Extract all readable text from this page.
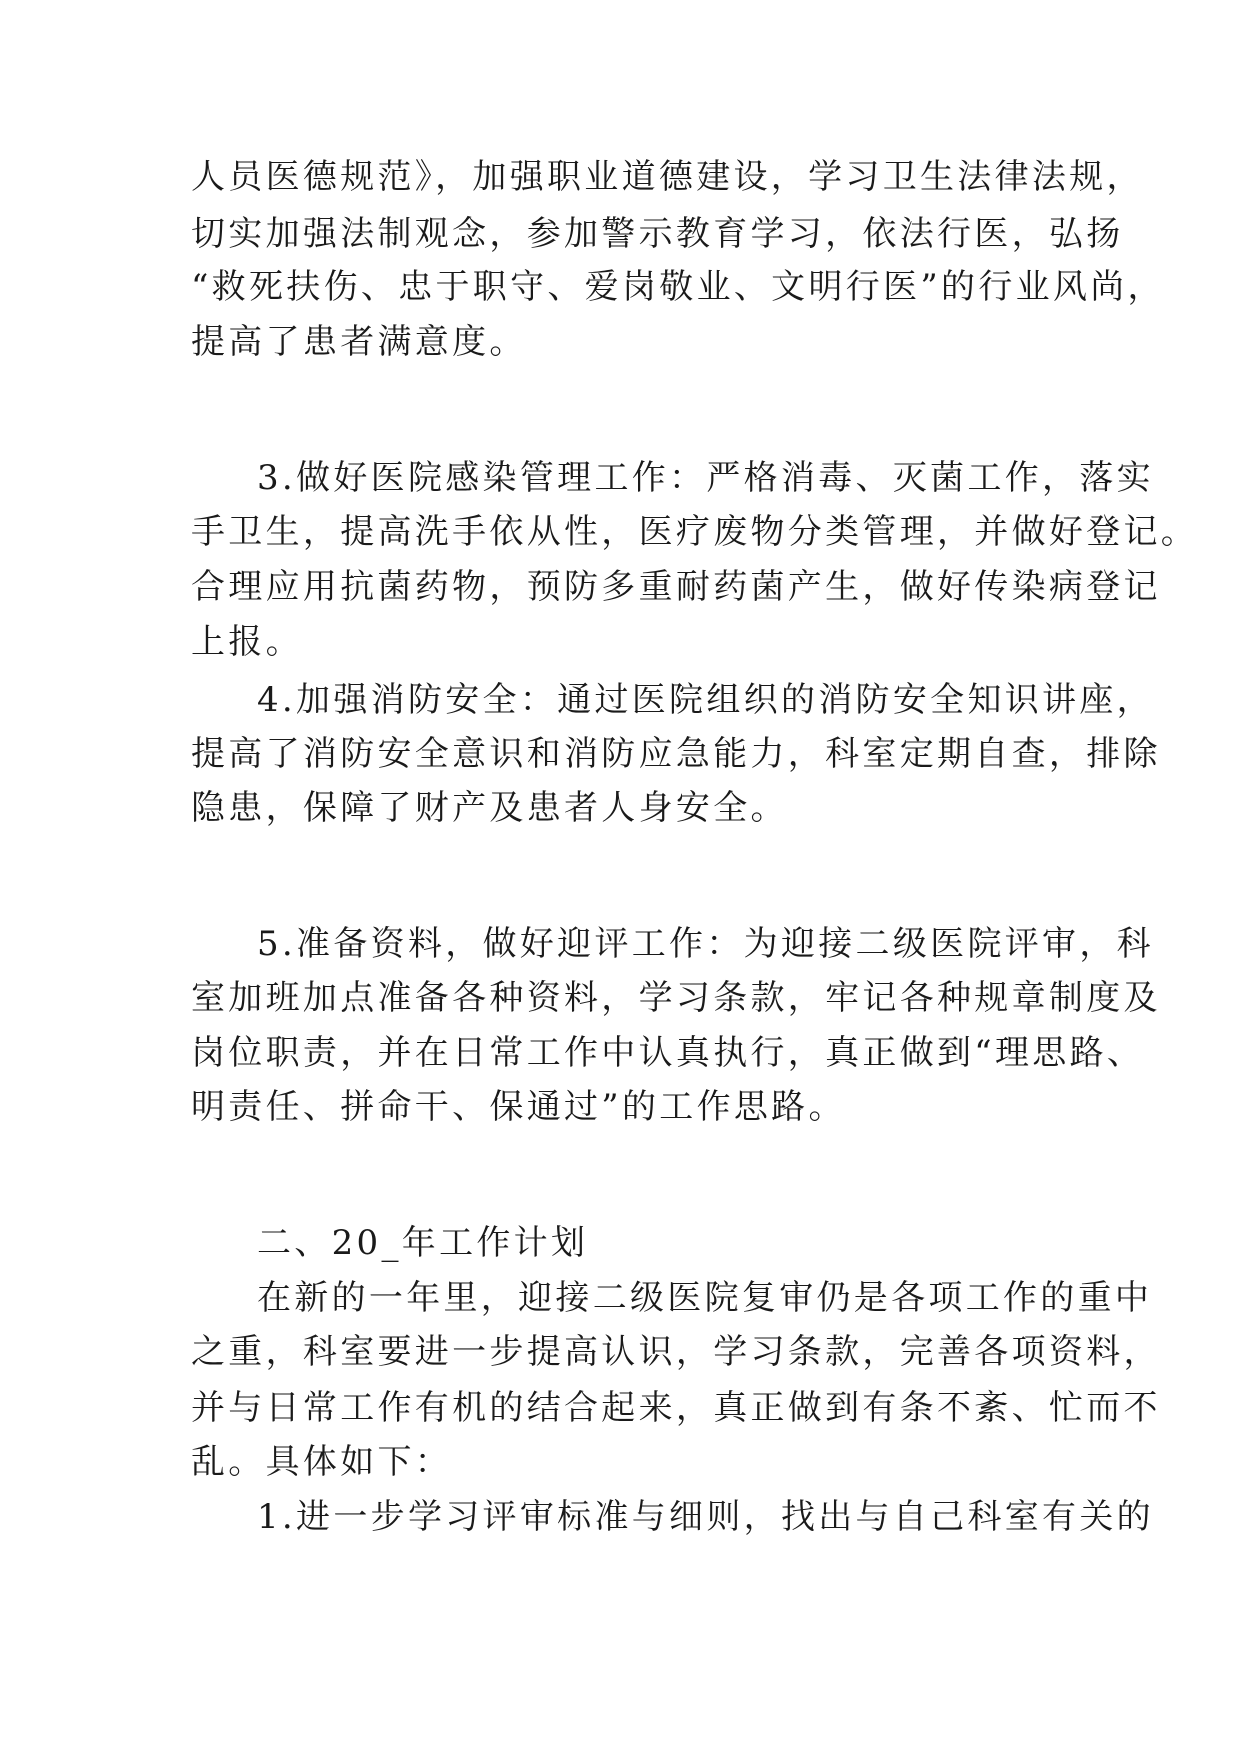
人员医德规范》，加强职业道德建设，学习卫生法律法规，
切实加强法制观念，参加警示教育学习，依法行医，弘扬
“救死扶伤、忠于职守、爱岗敬业、文明行医”的行业风尚，
提高了患者满意度。
3.做好医院感染管理工作：严格消毒、灭菌工作，落实
手卫生，提高洗手依从性，医疗废物分类管理，并做好登记。
合理应用抗菌药物，预防多重耐药菌产生，做好传染病登记
上报。
4.加强消防安全：通过医院组织的消防安全知识讲座，
提高了消防安全意识和消防应急能力，科室定期自查，排除
隐患，保障了财产及患者人身安全。
5.准备资料，做好迎评工作：为迎接二级医院评审，科
室加班加点准备各种资料，学习条款，牢记各种规章制度及
岗位职责，并在日常工作中认真执行，真正做到“理思路、
明责任、拼命干、保通过”的工作思路。
二、20_年工作计划
在新的一年里，迎接二级医院复审仍是各项工作的重中
之重，科室要进一步提高认识，学习条款，完善各项资料，
并与日常工作有机的结合起来，真正做到有条不紊、忙而不
乱。具体如下：
1.进一步学习评审标准与细则，找出与自己科室有关的
